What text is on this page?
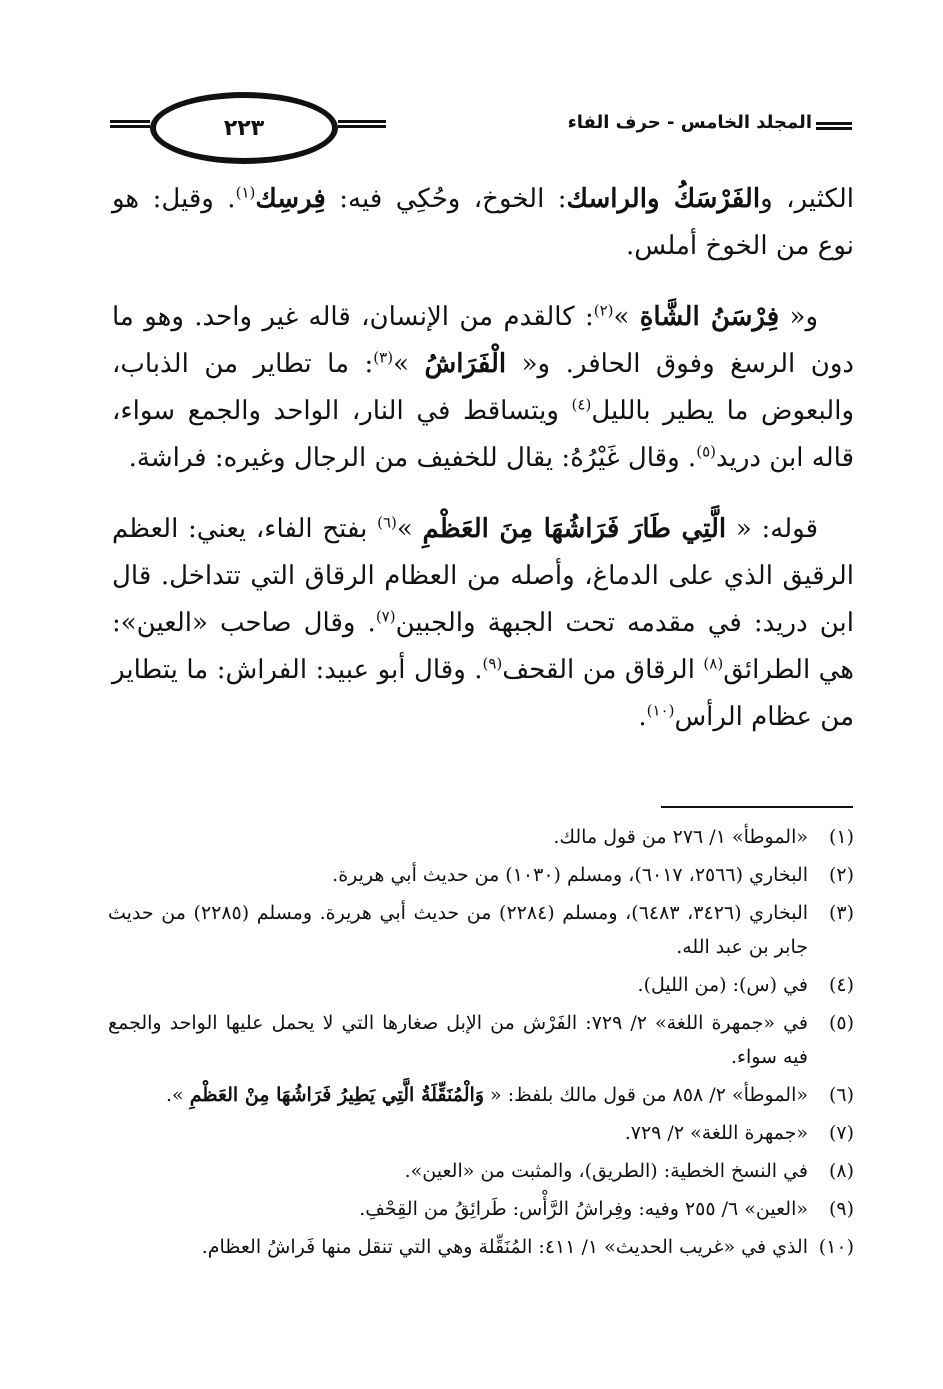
٢٢٣	المجلد الخامس - حرف الفاء

الكثير، والفَرْسَكُ والراسك: الخوخ، وحُكِي فيه: فِرسِك$^{(١)}$. وقيل: هو نوع من الخوخ أملس.

و« فِرْسَنُ الشَّاةِ »$^{(٢)}$: كالقدم من الإنسان، قاله غير واحد. وهو ما دون الرسغ وفوق الحافر. و« الْفَرَاشُ »$^{(٣)}$: ما تطاير من الذباب، والبعوض ما يطير بالليل$^{(٤)}$ ويتساقط في النار، الواحد والجمع سواء، قاله ابن دريد$^{(٥)}$. وقال غَيْرُهُ: يقال للخفيف من الرجال وغيره: فراشة.

قوله: « الَّتِي طَارَ فَرَاشُهَا مِنَ العَظْمِ »$^{(٦)}$ بفتح الفاء، يعني: العظم الرقيق الذي على الدماغ، وأصله من العظام الرقاق التي تتداخل. قال ابن دريد: في مقدمه تحت الجبهة والجبين$^{(٧)}$. وقال صاحب «العين»: هي الطرائق$^{(٨)}$ الرقاق من القحف$^{(٩)}$. وقال أبو عبيد: الفراش: ما يتطاير من عظام الرأس$^{(١٠)}$.

(١)
«الموطأ» ١/ ٢٧٦ من قول مالك.
(٢)
البخاري (٢٥٦٦، ٦٠١٧)، ومسلم (١٠٣٠) من حديث أبي هريرة.
(٣)
البخاري (٣٤٢٦، ٦٤٨٣)، ومسلم (٢٢٨٤) من حديث أبي هريرة. ومسلم (٢٢٨٥) من حديث جابر بن عبد الله.
(٤)
في (س): (من الليل).
(٥)
في «جمهرة اللغة» ٢/ ٧٢٩: الفَرْش من الإبل صغارها التي لا يحمل عليها الواحد والجمع فيه سواء.
(٦)
«الموطأ» ٢/ ٨٥٨ من قول مالك بلفظ: « وَالْمُنَقِّلَةُ الَّتِي يَطِيرُ فَرَاشُهَا مِنْ العَظْمِ ».
(٧)
«جمهرة اللغة» ٢/ ٧٢٩.
(٨)
في النسخ الخطية: (الطريق)، والمثبت من «العين».
(٩)
«العين» ٦/ ٢٥٥ وفيه: وفِراشُ الرَّأْس: طَرائِقُ من القِحْفِ.
(١٠)
الذي في «غريب الحديث» ١/ ٤١١: المُنَقِّلة وهي التي تنقل منها فَراشُ العظام.
